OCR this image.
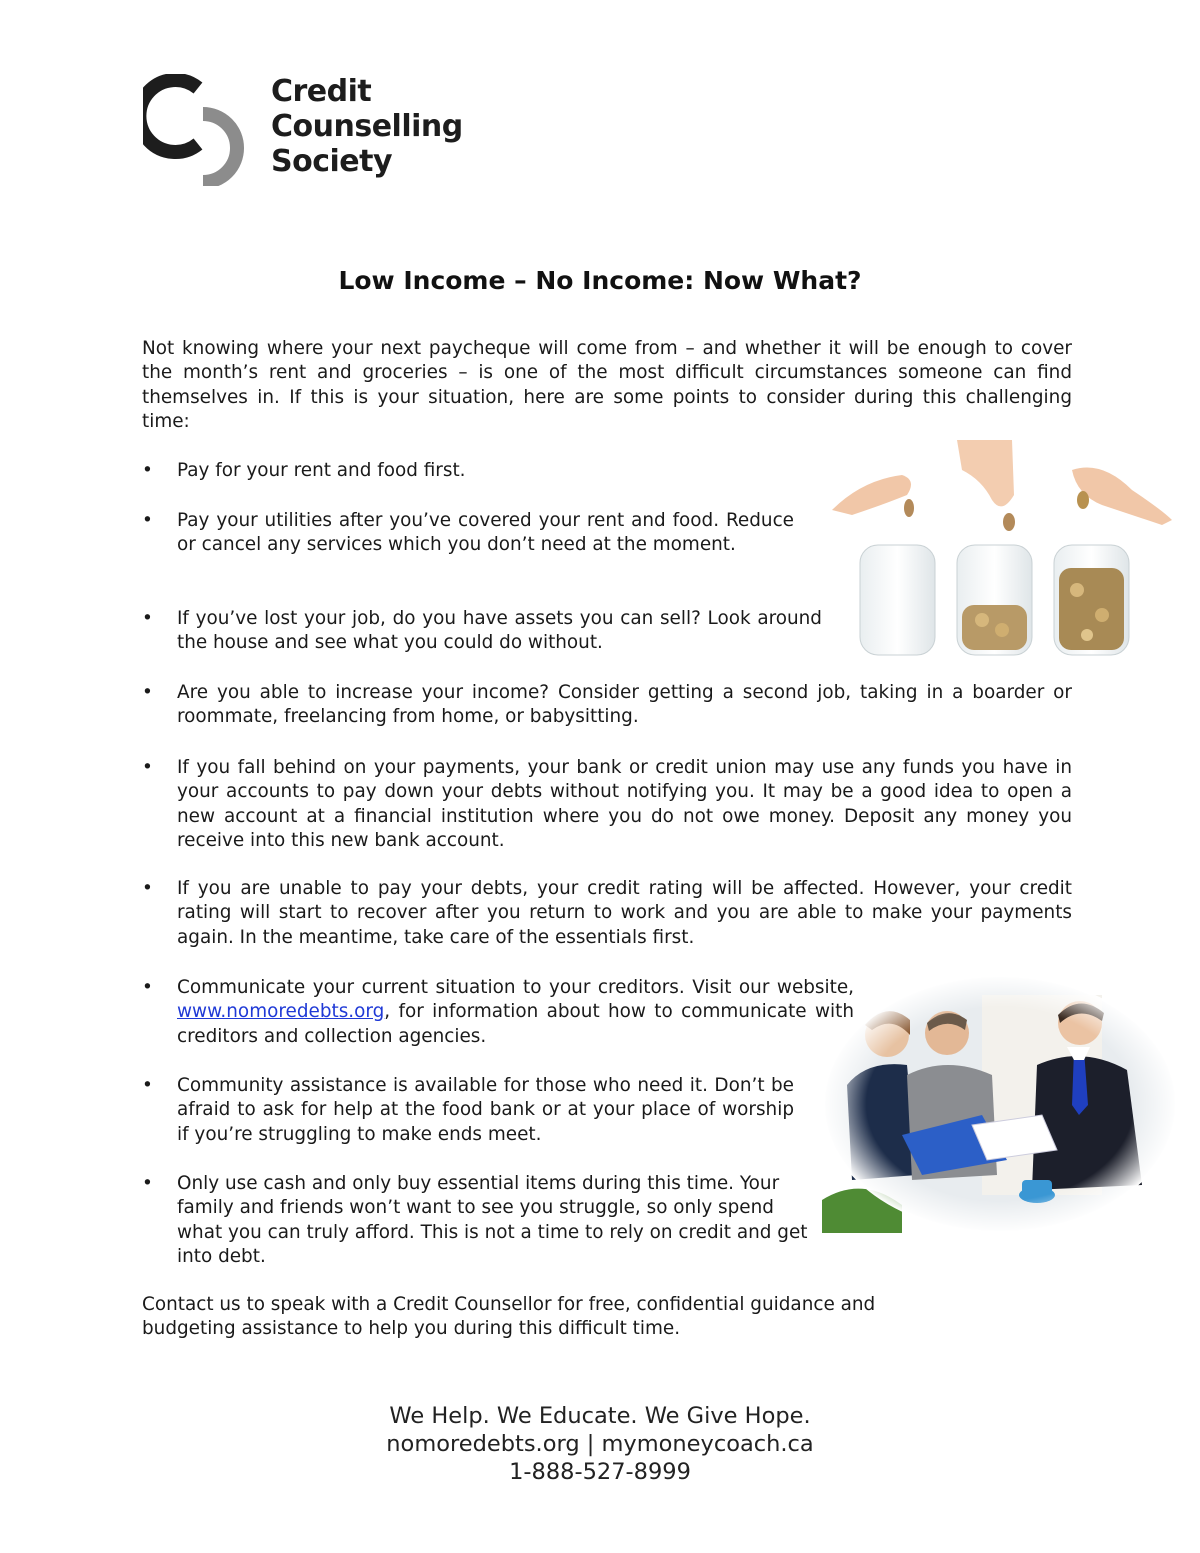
Credit
Counselling
Society
Low Income – No Income: Now What?
Not knowing where your next paycheque will come from – and whether it will be enough to cover the month’s rent and groceries – is one of the most difficult circumstances someone can find themselves in. If this is your situation, here are some points to consider during this challenging time:
•	Pay for your rent and food first.
•	Pay your utilities after you’ve covered your rent and food. Reduce or cancel any services which you don’t need at the moment.
•	If you’ve lost your job, do you have assets you can sell? Look around the house and see what you could do without.
•	Are you able to increase your income? Consider getting a second job, taking in a boarder or roommate, freelancing from home, or babysitting.
•	If you fall behind on your payments, your bank or credit union may use any funds you have in your accounts to pay down your debts without notifying you. It may be a good idea to open a new account at a financial institution where you do not owe money. Deposit any money you receive into this new bank account.
•	If you are unable to pay your debts, your credit rating will be affected. However, your credit rating will start to recover after you return to work and you are able to make your payments again. In the meantime, take care of the essentials first.
•	Communicate your current situation to your creditors. Visit our website, www.nomoredebts.org, for information about how to communicate with creditors and collection agencies.
•	Community assistance is available for those who need it. Don’t be afraid to ask for help at the food bank or at your place of worship if you’re struggling to make ends meet.
•	Only use cash and only buy essential items during this time. Your family and friends won’t want to see you struggle, so only spend what you can truly afford. This is not a time to rely on credit and get into debt.
Contact us to speak with a Credit Counsellor for free, confidential guidance and budgeting assistance to help you during this difficult time.
We Help. We Educate. We Give Hope.
nomoredebts.org | mymoneycoach.ca
1-888-527-8999
